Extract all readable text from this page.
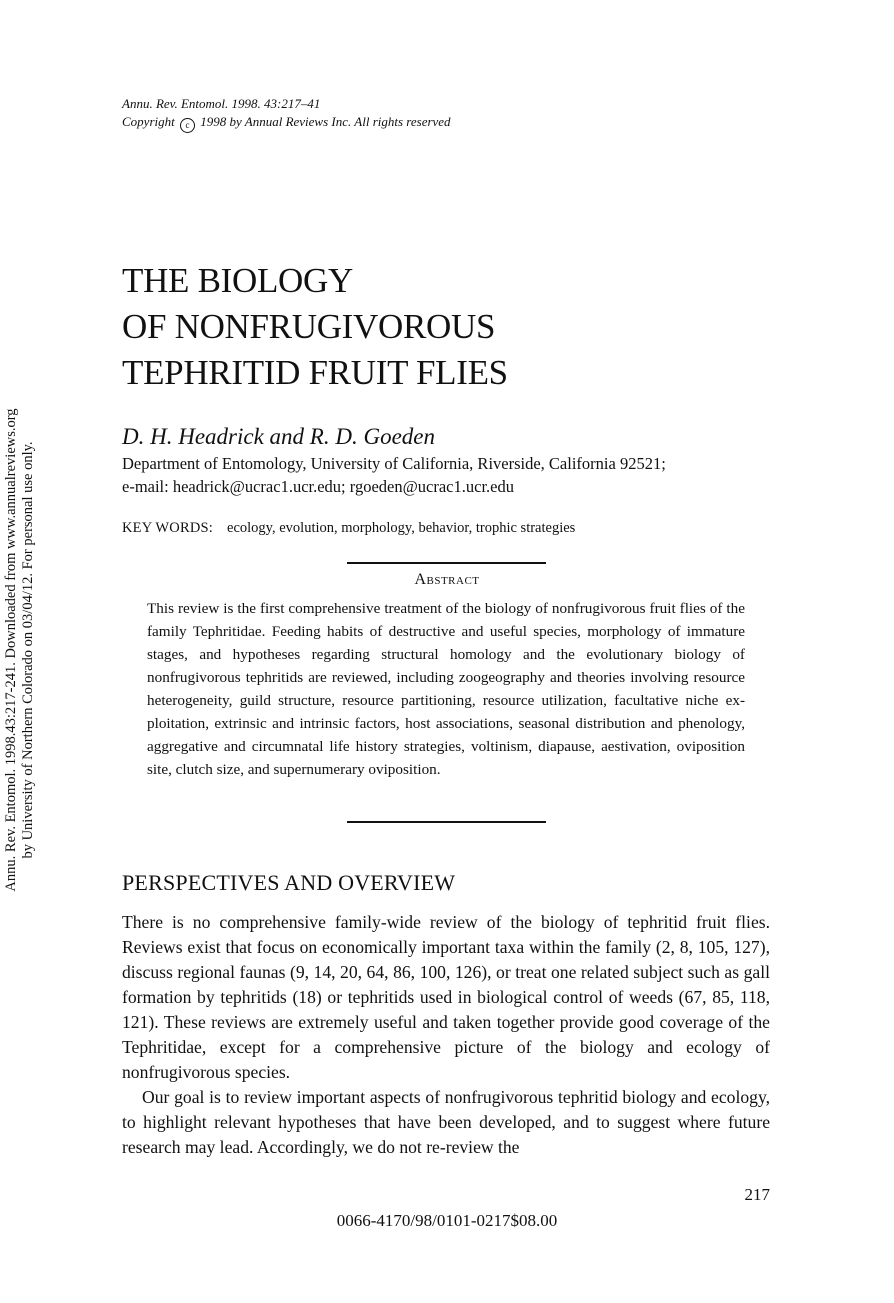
Annu. Rev. Entomol. 1998. 43:217–41
Copyright c 1998 by Annual Reviews Inc. All rights reserved
THE BIOLOGY
OF NONFRUGIVOROUS
TEPHRITID FRUIT FLIES
D. H. Headrick and R. D. Goeden
Department of Entomology, University of California, Riverside, California 92521;
e-mail: headrick@ucrac1.ucr.edu; rgoeden@ucrac1.ucr.edu
KEY WORDS: ecology, evolution, morphology, behavior, trophic strategies
Abstract
This review is the first comprehensive treatment of the biology of nonfrugivorous fruit flies of the family Tephritidae. Feeding habits of destructive and useful species, morphology of immature stages, and hypotheses regarding structural homology and the evolutionary biology of nonfrugivorous tephritids are reviewed, including zoogeography and theories involving resource heterogeneity, guild structure, resource partitioning, resource utilization, facultative niche exploitation, extrinsic and intrinsic factors, host associations, seasonal distribution and phenology, aggregative and circumnatal life history strategies, voltinism, diapause, aestivation, oviposition site, clutch size, and supernumerary oviposition.
PERSPECTIVES AND OVERVIEW
There is no comprehensive family-wide review of the biology of tephritid fruit flies. Reviews exist that focus on economically important taxa within the family (2, 8, 105, 127), discuss regional faunas (9, 14, 20, 64, 86, 100, 126), or treat one related subject such as gall formation by tephritids (18) or tephritids used in biological control of weeds (67, 85, 118, 121). These reviews are extremely useful and taken together provide good coverage of the Tephritidae, except for a comprehensive picture of the biology and ecology of nonfrugivorous species.
Our goal is to review important aspects of nonfrugivorous tephritid biology and ecology, to highlight relevant hypotheses that have been developed, and to suggest where future research may lead. Accordingly, we do not re-review the
217
0066-4170/98/0101-0217$08.00
Annu. Rev. Entomol. 1998.43:217-241. Downloaded from www.annualreviews.org by University of Northern Colorado on 03/04/12. For personal use only.
